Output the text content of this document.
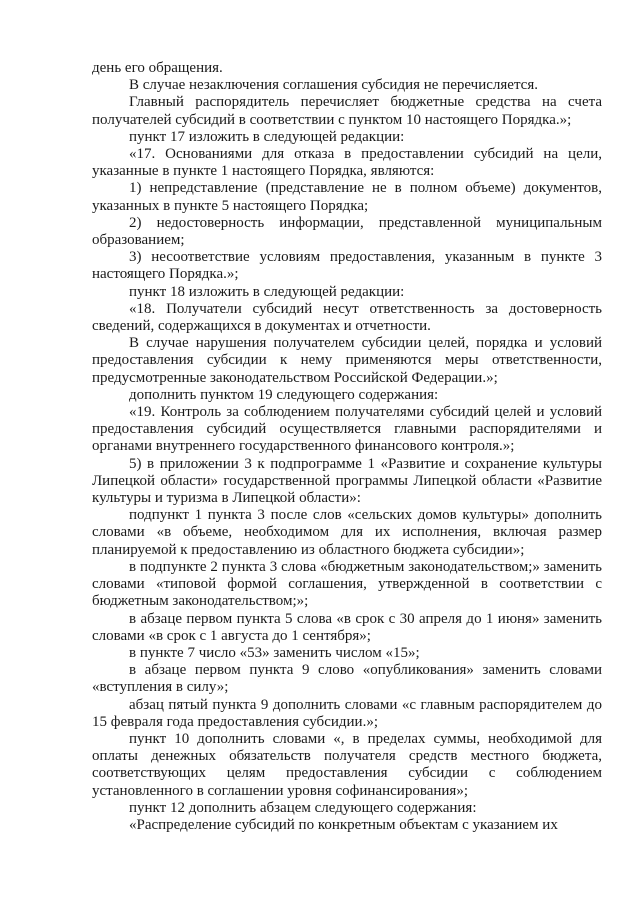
день его обращения.

В случае незаключения соглашения субсидия не перечисляется.

Главный распорядитель перечисляет бюджетные средства на счета получателей субсидий в соответствии с пунктом 10 настоящего Порядка.»;

пункт 17 изложить в следующей редакции:

«17. Основаниями для отказа в предоставлении субсидий на цели, указанные в пункте 1 настоящего Порядка, являются:

1) непредставление (представление не в полном объеме) документов, указанных в пункте 5 настоящего Порядка;

2) недостоверность информации, представленной муниципальным образованием;

3) несоответствие условиям предоставления, указанным в пункте 3 настоящего Порядка.»;

пункт 18 изложить в следующей редакции:

«18. Получатели субсидий несут ответственность за достоверность сведений, содержащихся в документах и отчетности.

В случае нарушения получателем субсидии целей, порядка и условий предоставления субсидии к нему применяются меры ответственности, предусмотренные законодательством Российской Федерации.»;

дополнить пунктом 19 следующего содержания:

«19. Контроль за соблюдением получателями субсидий целей и условий предоставления субсидий осуществляется главными распорядителями и органами внутреннего государственного финансового контроля.»;

5) в приложении 3 к подпрограмме 1 «Развитие и сохранение культуры Липецкой области» государственной программы Липецкой области «Развитие культуры и туризма в Липецкой области»:

подпункт 1 пункта 3 после слов «сельских домов культуры» дополнить словами «в объеме, необходимом для их исполнения, включая размер планируемой к предоставлению из областного бюджета субсидии»;

в подпункте 2 пункта 3 слова «бюджетным законодательством;» заменить словами «типовой формой соглашения, утвержденной в соответствии с бюджетным законодательством;»;

в абзаце первом пункта 5 слова «в срок с 30 апреля до 1 июня» заменить словами «в срок с 1 августа до 1 сентября»;

в пункте 7 число «53» заменить числом «15»;

в абзаце первом пункта 9 слово «опубликования» заменить словами «вступления в силу»;

абзац пятый пункта 9 дополнить словами «с главным распорядителем до 15 февраля года предоставления субсидии.»;

пункт 10 дополнить словами «, в пределах суммы, необходимой для оплаты денежных обязательств получателя средств местного бюджета, соответствующих целям предоставления субсидии с соблюдением установленного в соглашении уровня софинансирования»;

пункт 12 дополнить абзацем следующего содержания:

«Распределение субсидий по конкретным объектам с указанием их
